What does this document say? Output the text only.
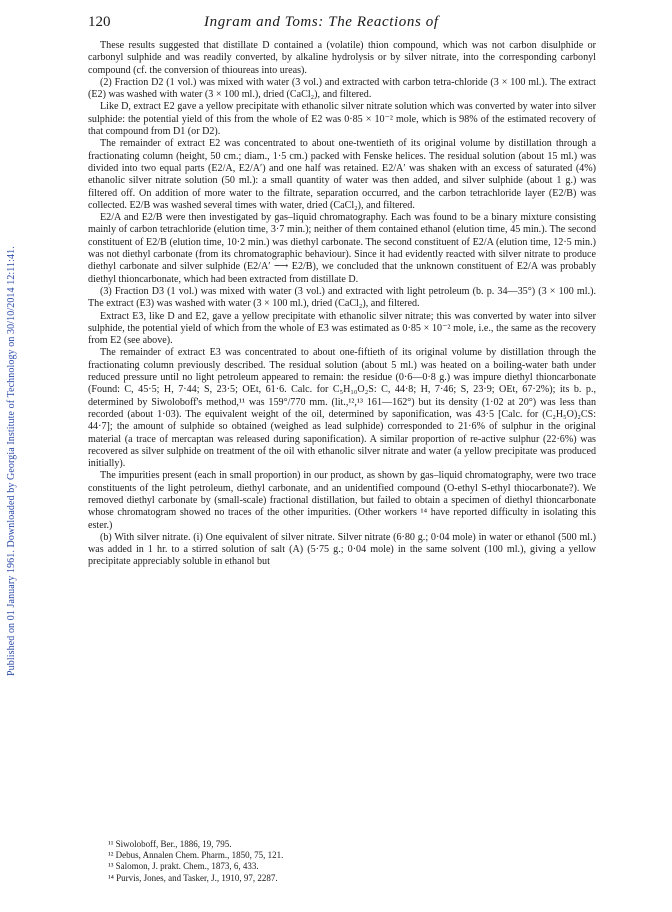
Published on 01 January 1961. Downloaded by Georgia Institute of Technology on 30/10/2014 12:11:41.
120	Ingram and Toms: The Reactions of

These results suggested that distillate D contained a (volatile) thion compound, which was not carbon disulphide or carbonyl sulphide and was readily converted, by alkaline hydrolysis or by silver nitrate, into the corresponding carbonyl compound (cf. the conversion of thioureas into ureas).

(2) Fraction D2 (1 vol.) was mixed with water (3 vol.) and extracted with carbon tetra-chloride (3 × 100 ml.). The extract (E2) was washed with water (3 × 100 ml.), dried (CaCl₂), and filtered.

Like D, extract E2 gave a yellow precipitate with ethanolic silver nitrate solution which was converted by water into silver sulphide: the potential yield of this from the whole of E2 was 0·85 × 10⁻² mole, which is 98% of the estimated recovery of that compound from D1 (or D2).

The remainder of extract E2 was concentrated to about one-twentieth of its original volume by distillation through a fractionating column (height, 50 cm.; diam., 1·5 cm.) packed with Fenske helices. The residual solution (about 15 ml.) was divided into two equal parts (E2/A, E2/A′) and one half was retained. E2/A′ was shaken with an excess of saturated (4%) ethanolic silver nitrate solution (50 ml.): a small quantity of water was then added, and silver sulphide (about 1 g.) was filtered off. On addition of more water to the filtrate, separation occurred, and the carbon tetrachloride layer (E2/B) was collected. E2/B was washed several times with water, dried (CaCl₂), and filtered.

E2/A and E2/B were then investigated by gas–liquid chromatography. Each was found to be a binary mixture consisting mainly of carbon tetrachloride (elution time, 3·7 min.); neither of them contained ethanol (elution time, 45 min.). The second constituent of E2/B (elution time, 10·2 min.) was diethyl carbonate. The second constituent of E2/A (elution time, 12·5 min.) was not diethyl carbonate (from its chromatographic behaviour). Since it had evidently reacted with silver nitrate to produce diethyl carbonate and silver sulphide (E2/A′ ⟶ E2/B), we concluded that the unknown constituent of E2/A was probably diethyl thioncarbonate, which had been extracted from distillate D.

(3) Fraction D3 (1 vol.) was mixed with water (3 vol.) and extracted with light petroleum (b. p. 34—35°) (3 × 100 ml.). The extract (E3) was washed with water (3 × 100 ml.), dried (CaCl₂), and filtered.

Extract E3, like D and E2, gave a yellow precipitate with ethanolic silver nitrate; this was converted by water into silver sulphide, the potential yield of which from the whole of E3 was estimated as 0·85 × 10⁻² mole, i.e., the same as the recovery from E2 (see above).

The remainder of extract E3 was concentrated to about one-fiftieth of its original volume by distillation through the fractionating column previously described. The residual solution (about 5 ml.) was heated on a boiling-water bath under reduced pressure until no light petroleum appeared to remain: the residue (0·6—0·8 g.) was impure diethyl thioncarbonate (Found: C, 45·5; H, 7·44; S, 23·5; OEt, 61·6. Calc. for C₅H₁₀O₂S: C, 44·8; H, 7·46; S, 23·9; OEt, 67·2%); its b. p., determined by Siwoloboff's method,¹¹ was 159°/770 mm. (lit.,¹²,¹³ 161—162°) but its density (1·02 at 20°) was less than recorded (about 1·03). The equivalent weight of the oil, determined by saponification, was 43·5 [Calc. for (C₂H₅O)₂CS: 44·7]; the amount of sulphide so obtained (weighed as lead sulphide) corresponded to 21·6% of sulphur in the original material (a trace of mercaptan was released during saponification). A similar proportion of re-active sulphur (22·6%) was recovered as silver sulphide on treatment of the oil with ethanolic silver nitrate and water (a yellow precipitate was produced initially).

The impurities present (each in small proportion) in our product, as shown by gas–liquid chromatography, were two trace constituents of the light petroleum, diethyl carbonate, and an unidentified compound (O-ethyl S-ethyl thiocarbonate?). We removed diethyl carbonate by (small-scale) fractional distillation, but failed to obtain a specimen of diethyl thioncarbonate whose chromatogram showed no traces of the other impurities. (Other workers ¹⁴ have reported difficulty in isolating this ester.)

(b) With silver nitrate. (i) One equivalent of silver nitrate. Silver nitrate (6·80 g.; 0·04 mole) in water or ethanol (500 ml.) was added in 1 hr. to a stirred solution of salt (A) (5·75 g.; 0·04 mole) in the same solvent (100 ml.), giving a yellow precipitate appreciably soluble in ethanol but

¹¹ Siwoloboff, Ber., 1886, 19, 795.
¹² Debus, Annalen Chem. Pharm., 1850, 75, 121.
¹³ Salomon, J. prakt. Chem., 1873, 6, 433.
¹⁴ Purvis, Jones, and Tasker, J., 1910, 97, 2287.
